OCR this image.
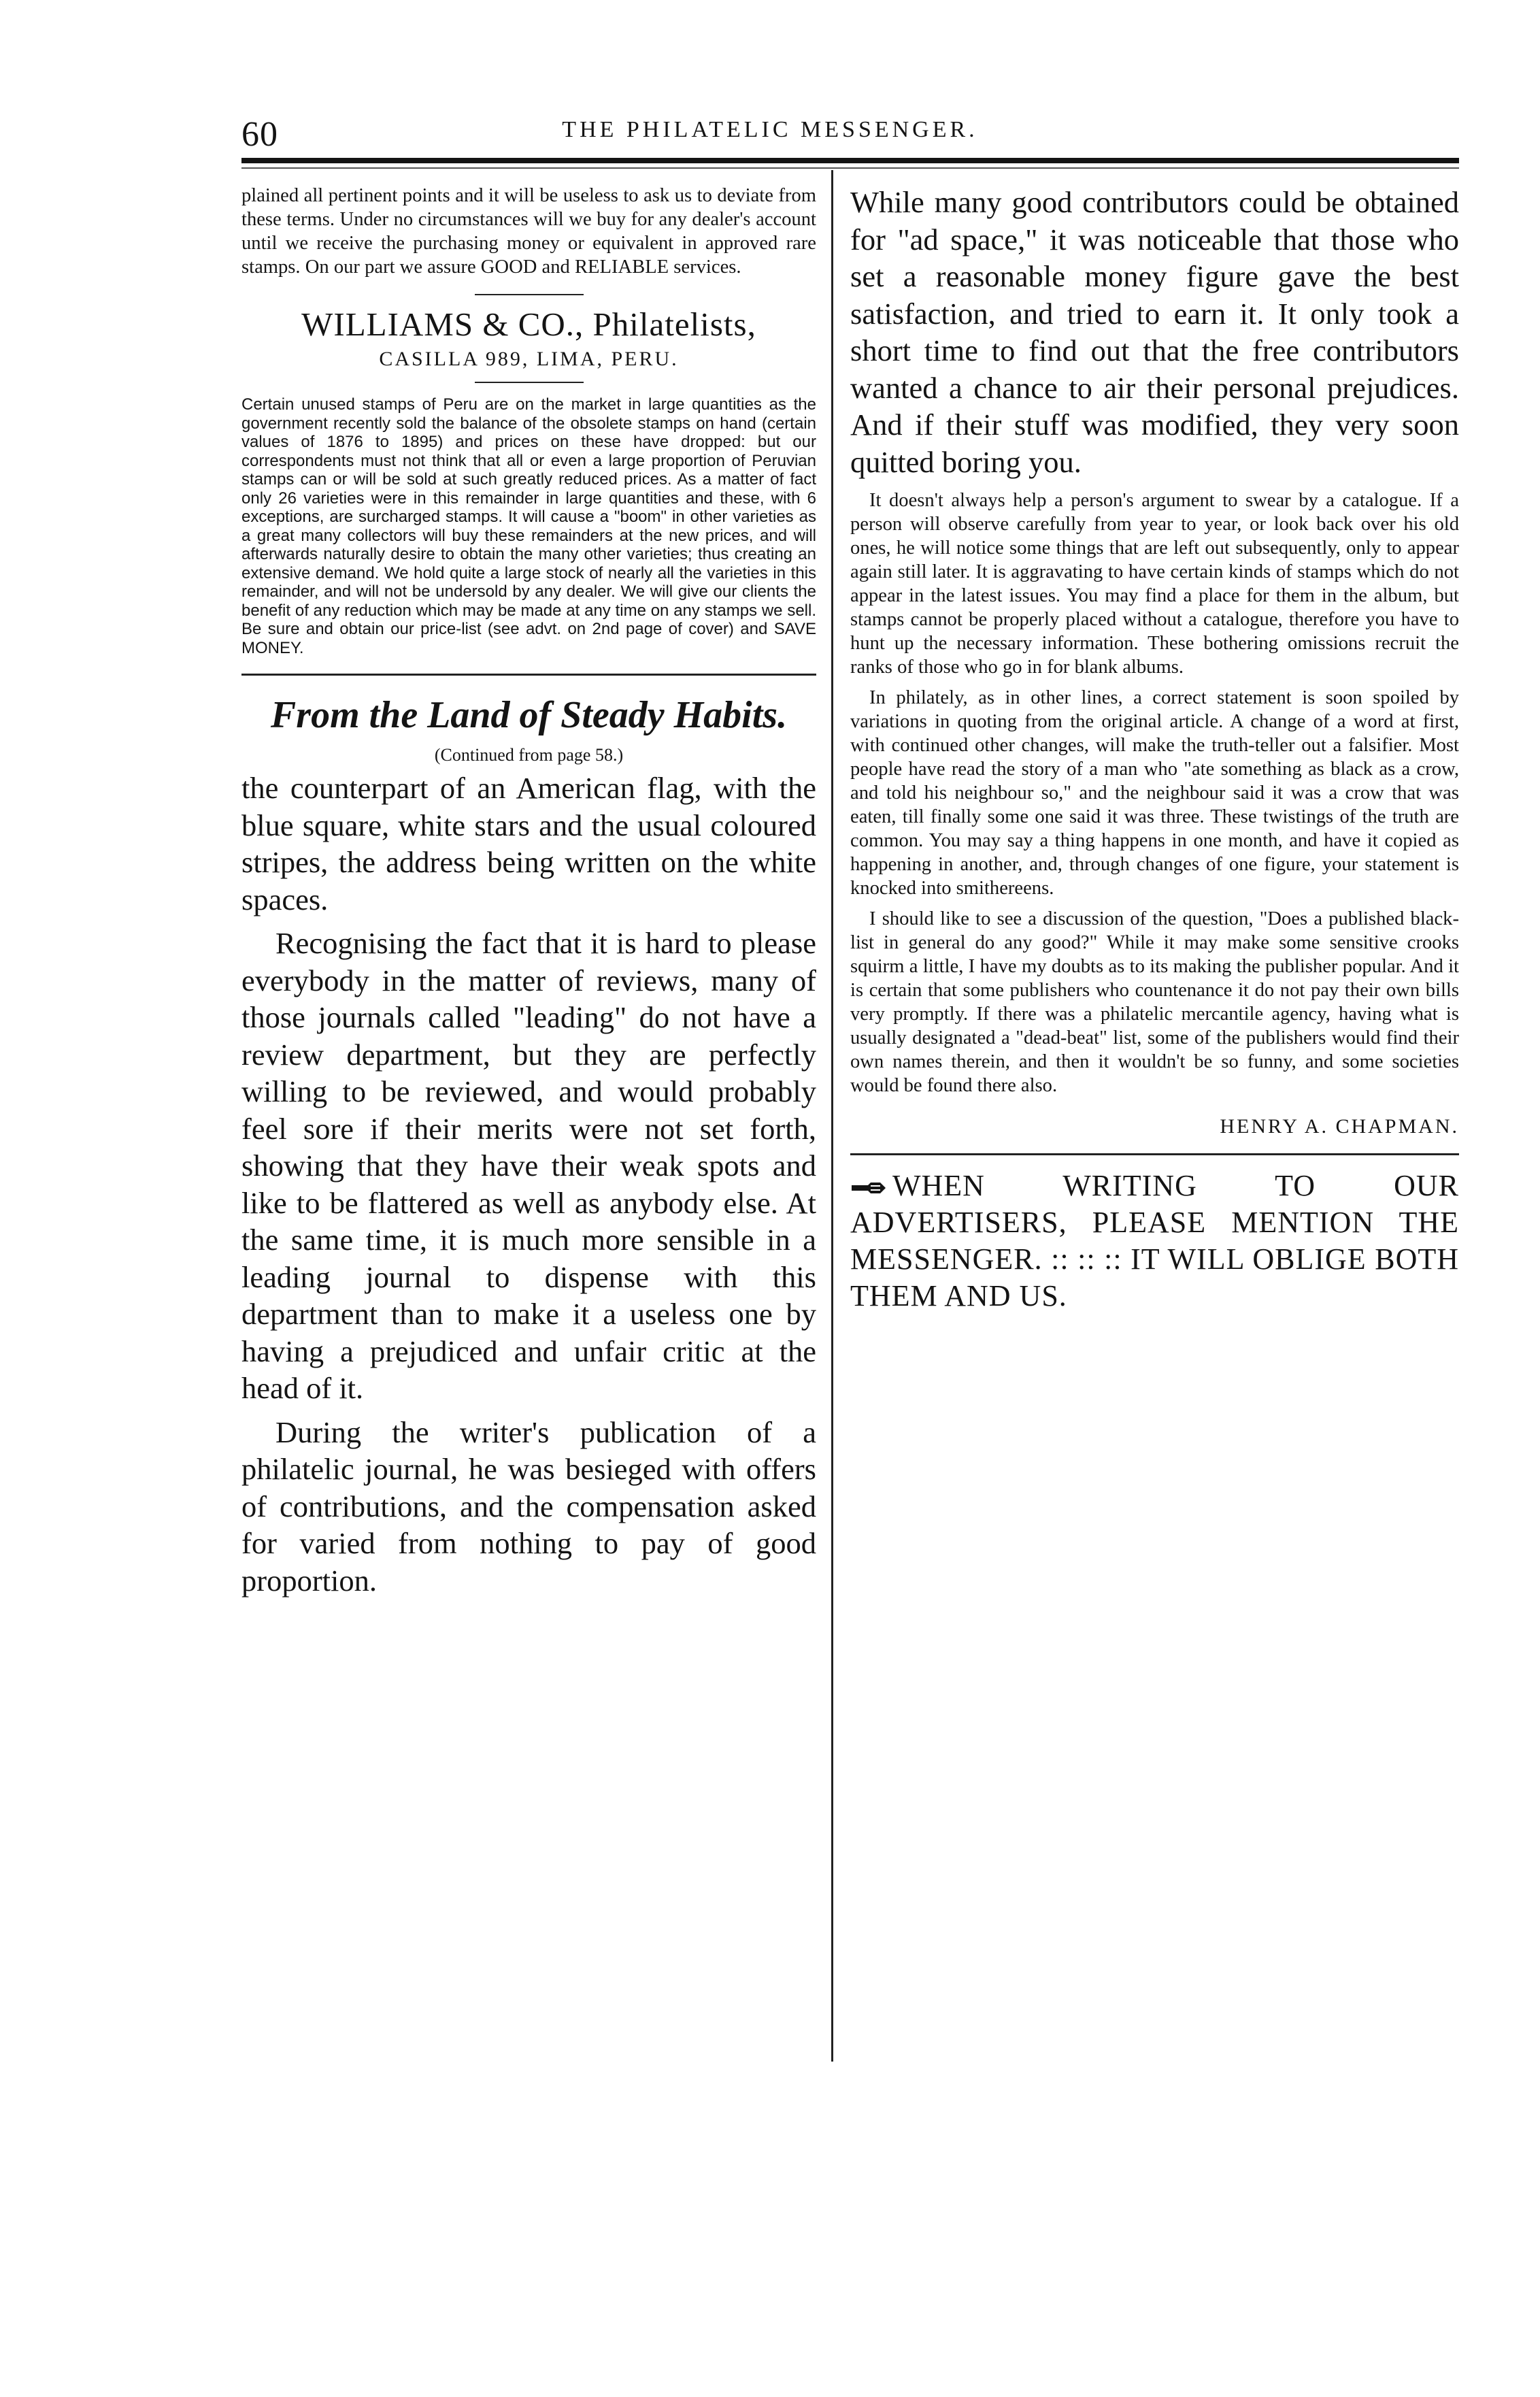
60	THE PHILATELIC MESSENGER.

plained all pertinent points and it will be useless to ask us to deviate from these terms. Under no circumstances will we buy for any dealer's account until we receive the purchasing money or equivalent in approved rare stamps. On our part we assure GOOD and RELIABLE services.

WILLIAMS & CO., Philatelists,
CASILLA 989, LIMA, PERU.
Certain unused stamps of Peru are on the market in large quantities as the government recently sold the balance of the obsolete stamps on hand (certain values of 1876 to 1895) and prices on these have dropped: but our correspondents must not think that all or even a large proportion of Peruvian stamps can or will be sold at such greatly reduced prices. As a matter of fact only 26 varieties were in this remainder in large quantities and these, with 6 exceptions, are surcharged stamps. It will cause a "boom" in other varieties as a great many collectors will buy these remainders at the new prices, and will afterwards naturally desire to obtain the many other varieties; thus creating an extensive demand. We hold quite a large stock of nearly all the varieties in this remainder, and will not be undersold by any dealer. We will give our clients the benefit of any reduction which may be made at any time on any stamps we sell. Be sure and obtain our price-list (see advt. on 2nd page of cover) and SAVE MONEY.
From the Land of Steady Habits.
(Continued from page 58.)

the counterpart of an American flag, with the blue square, white stars and the usual coloured stripes, the address being written on the white spaces.

Recognising the fact that it is hard to please everybody in the matter of reviews, many of those journals called "leading" do not have a review department, but they are perfectly willing to be reviewed, and would probably feel sore if their merits were not set forth, showing that they have their weak spots and like to be flattered as well as anybody else. At the same time, it is much more sensible in a leading journal to dispense with this department than to make it a useless one by having a prejudiced and unfair critic at the head of it.

During the writer's publication of a philatelic journal, he was besieged with offers of contributions, and the compensation asked for varied from nothing to pay of good proportion.

While many good contributors could be obtained for "ad space," it was noticeable that those who set a reasonable money figure gave the best satisfaction, and tried to earn it. It only took a short time to find out that the free contributors wanted a chance to air their personal prejudices. And if their stuff was modified, they very soon quitted boring you.

It doesn't always help a person's argument to swear by a catalogue. If a person will observe carefully from year to year, or look back over his old ones, he will notice some things that are left out subsequently, only to appear again still later. It is aggravating to have certain kinds of stamps which do not appear in the latest issues. You may find a place for them in the album, but stamps cannot be properly placed without a catalogue, therefore you have to hunt up the necessary information. These bothering omissions recruit the ranks of those who go in for blank albums.

In philately, as in other lines, a correct statement is soon spoiled by variations in quoting from the original article. A change of a word at first, with continued other changes, will make the truth-teller out a falsifier. Most people have read the story of a man who "ate something as black as a crow, and told his neighbour so," and the neighbour said it was a crow that was eaten, till finally some one said it was three. These twistings of the truth are common. You may say a thing happens in one month, and have it copied as happening in another, and, through changes of one figure, your statement is knocked into smithereens.

I should like to see a discussion of the question, "Does a published black-list in general do any good?" While it may make some sensitive crooks squirm a little, I have my doubts as to its making the publisher popular. And it is certain that some publishers who countenance it do not pay their own bills very promptly. If there was a philatelic mercantile agency, having what is usually designated a "dead-beat" list, some of the publishers would find their own names therein, and then it wouldn't be so funny, and some societies would be found there also.

HENRY A. CHAPMAN.
WHEN WRITING TO OUR ADVERTISERS, PLEASE MENTION THE MESSENGER. :: :: :: IT WILL OBLIGE BOTH THEM AND US.
